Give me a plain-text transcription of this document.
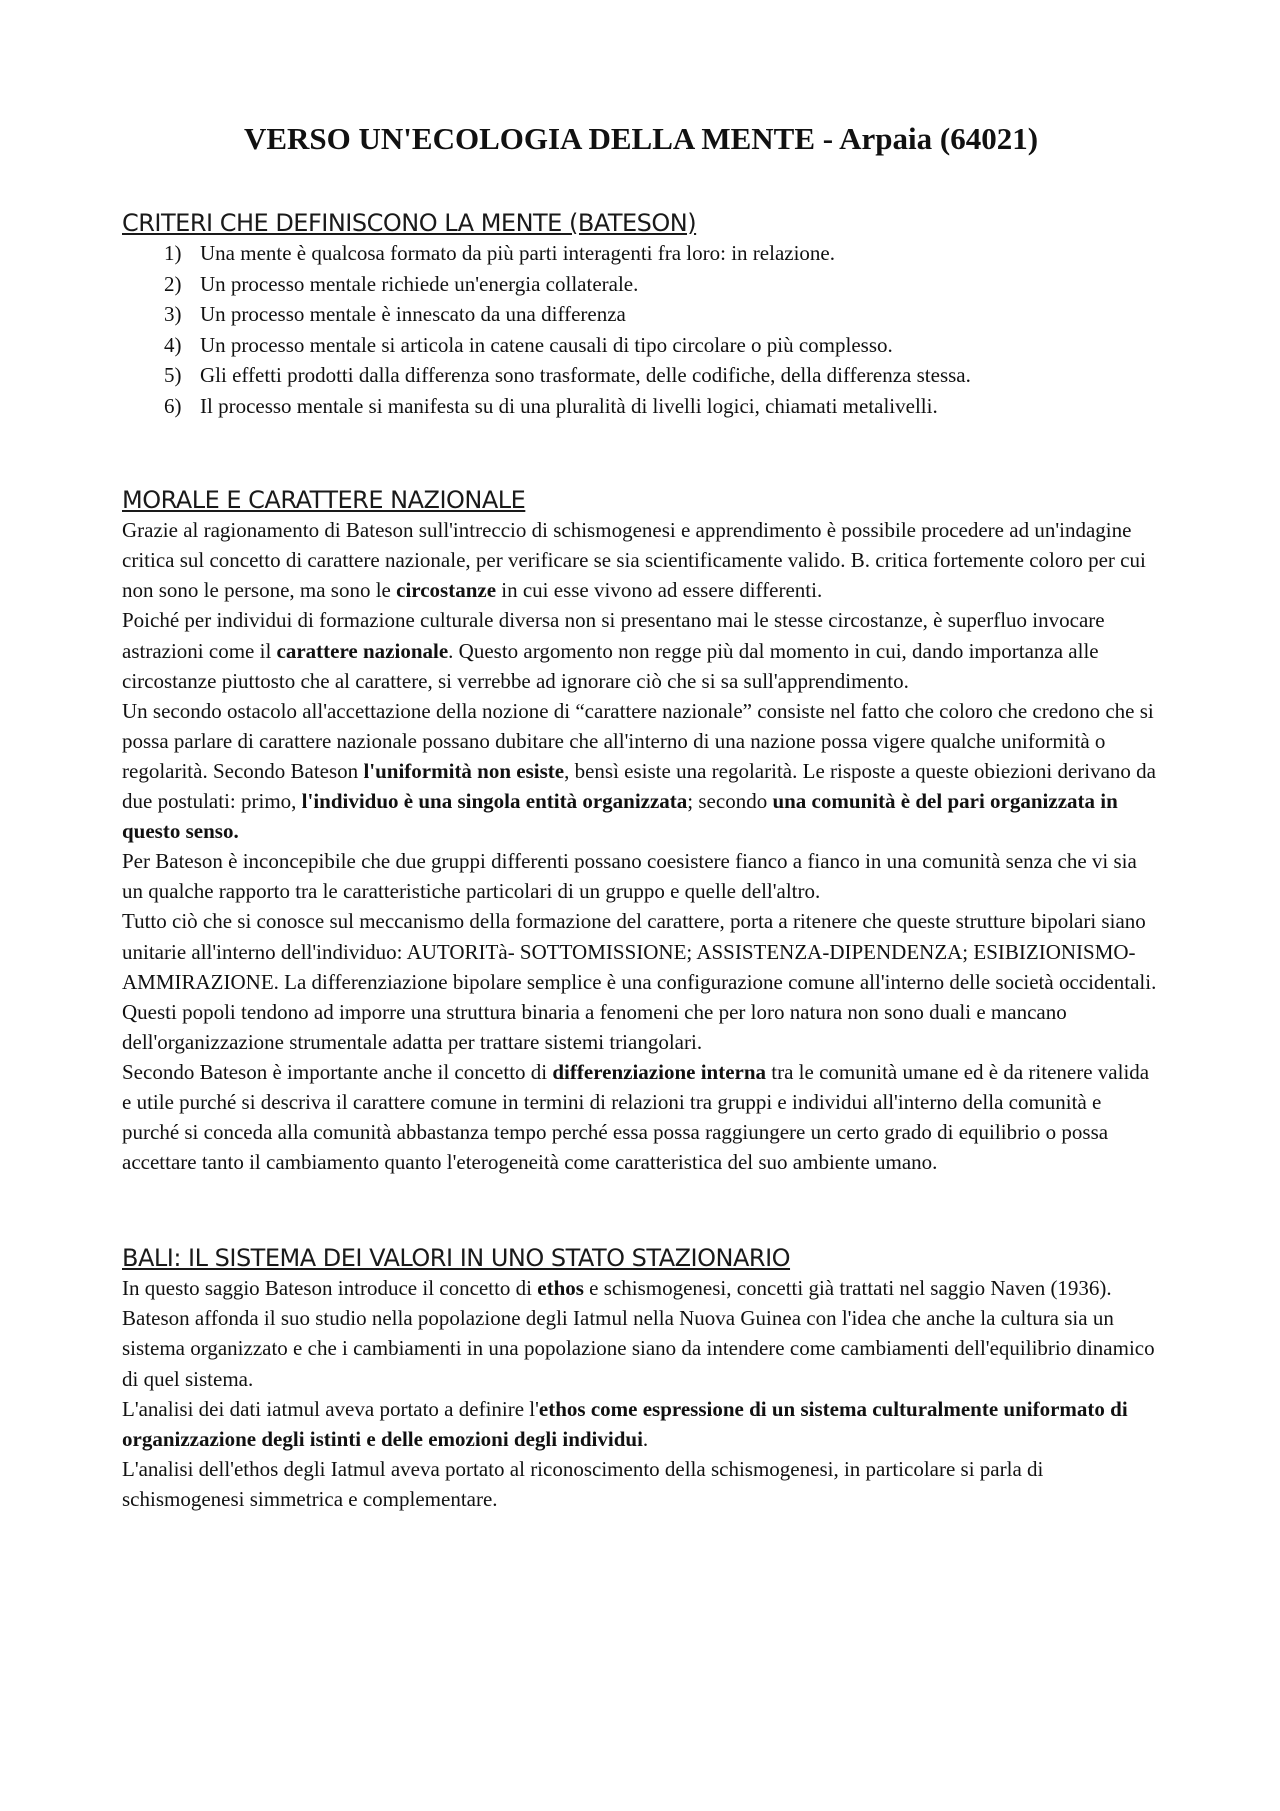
VERSO UN'ECOLOGIA DELLA MENTE - Arpaia (64021)
CRITERI CHE DEFINISCONO LA MENTE (BATESON)
1) Una mente è qualcosa formato da più parti interagenti fra loro: in relazione.
2) Un processo mentale richiede un'energia collaterale.
3) Un processo mentale è innescato da una differenza
4) Un processo mentale si articola in catene causali di tipo circolare o più complesso.
5) Gli effetti prodotti dalla differenza sono trasformate, delle codifiche, della differenza stessa.
6) Il processo mentale si manifesta su di una pluralità di livelli logici, chiamati metalivelli.
MORALE E CARATTERE NAZIONALE

Grazie al ragionamento di Bateson sull'intreccio di schismogenesi e apprendimento è possibile procedere ad un'indagine critica sul concetto di carattere nazionale, per verificare se sia scientificamente valido. B. critica fortemente coloro per cui non sono le persone, ma sono le circostanze in cui esse vivono ad essere differenti.

Poiché per individui di formazione culturale diversa non si presentano mai le stesse circostanze, è superfluo invocare astrazioni come il carattere nazionale. Questo argomento non regge più dal momento in cui, dando importanza alle circostanze piuttosto che al carattere, si verrebbe ad ignorare ciò che si sa sull'apprendimento.

Un secondo ostacolo all'accettazione della nozione di “carattere nazionale” consiste nel fatto che coloro che credono che si possa parlare di carattere nazionale possano dubitare che all'interno di una nazione possa vigere qualche uniformità o regolarità. Secondo Bateson l'uniformità non esiste, bensì esiste una regolarità. Le risposte a queste obiezioni derivano da due postulati: primo, l'individuo è una singola entità organizzata; secondo una comunità è del pari organizzata in questo senso.

Per Bateson è inconcepibile che due gruppi differenti possano coesistere fianco a fianco in una comunità senza che vi sia un qualche rapporto tra le caratteristiche particolari di un gruppo e quelle dell'altro.

Tutto ciò che si conosce sul meccanismo della formazione del carattere, porta a ritenere che queste strutture bipolari siano unitarie all'interno dell'individuo: AUTORITà- SOTTOMISSIONE; ASSISTENZA-DIPENDENZA; ESIBIZIONISMO-AMMIRAZIONE. La differenziazione bipolare semplice è una configurazione comune all'interno delle società occidentali. Questi popoli tendono ad imporre una struttura binaria a fenomeni che per loro natura non sono duali e mancano dell'organizzazione strumentale adatta per trattare sistemi triangolari.

Secondo Bateson è importante anche il concetto di differenziazione interna tra le comunità umane ed è da ritenere valida e utile purché si descriva il carattere comune in termini di relazioni tra gruppi e individui all'interno della comunità e purché si conceda alla comunità abbastanza tempo perché essa possa raggiungere un certo grado di equilibrio o possa accettare tanto il cambiamento quanto l'eterogeneità come caratteristica del suo ambiente umano.

BALI: IL SISTEMA DEI VALORI IN UNO STATO STAZIONARIO

In questo saggio Bateson introduce il concetto di ethos e schismogenesi, concetti già trattati nel saggio Naven (1936). Bateson affonda il suo studio nella popolazione degli Iatmul nella Nuova Guinea con l'idea che anche la cultura sia un sistema organizzato e che i cambiamenti in una popolazione siano da intendere come cambiamenti dell'equilibrio dinamico di quel sistema.

L'analisi dei dati iatmul aveva portato a definire l'ethos come espressione di un sistema culturalmente uniformato di organizzazione degli istinti e delle emozioni degli individui.

L'analisi dell'ethos degli Iatmul aveva portato al riconoscimento della schismogenesi, in particolare si parla di schismogenesi simmetrica e complementare.
